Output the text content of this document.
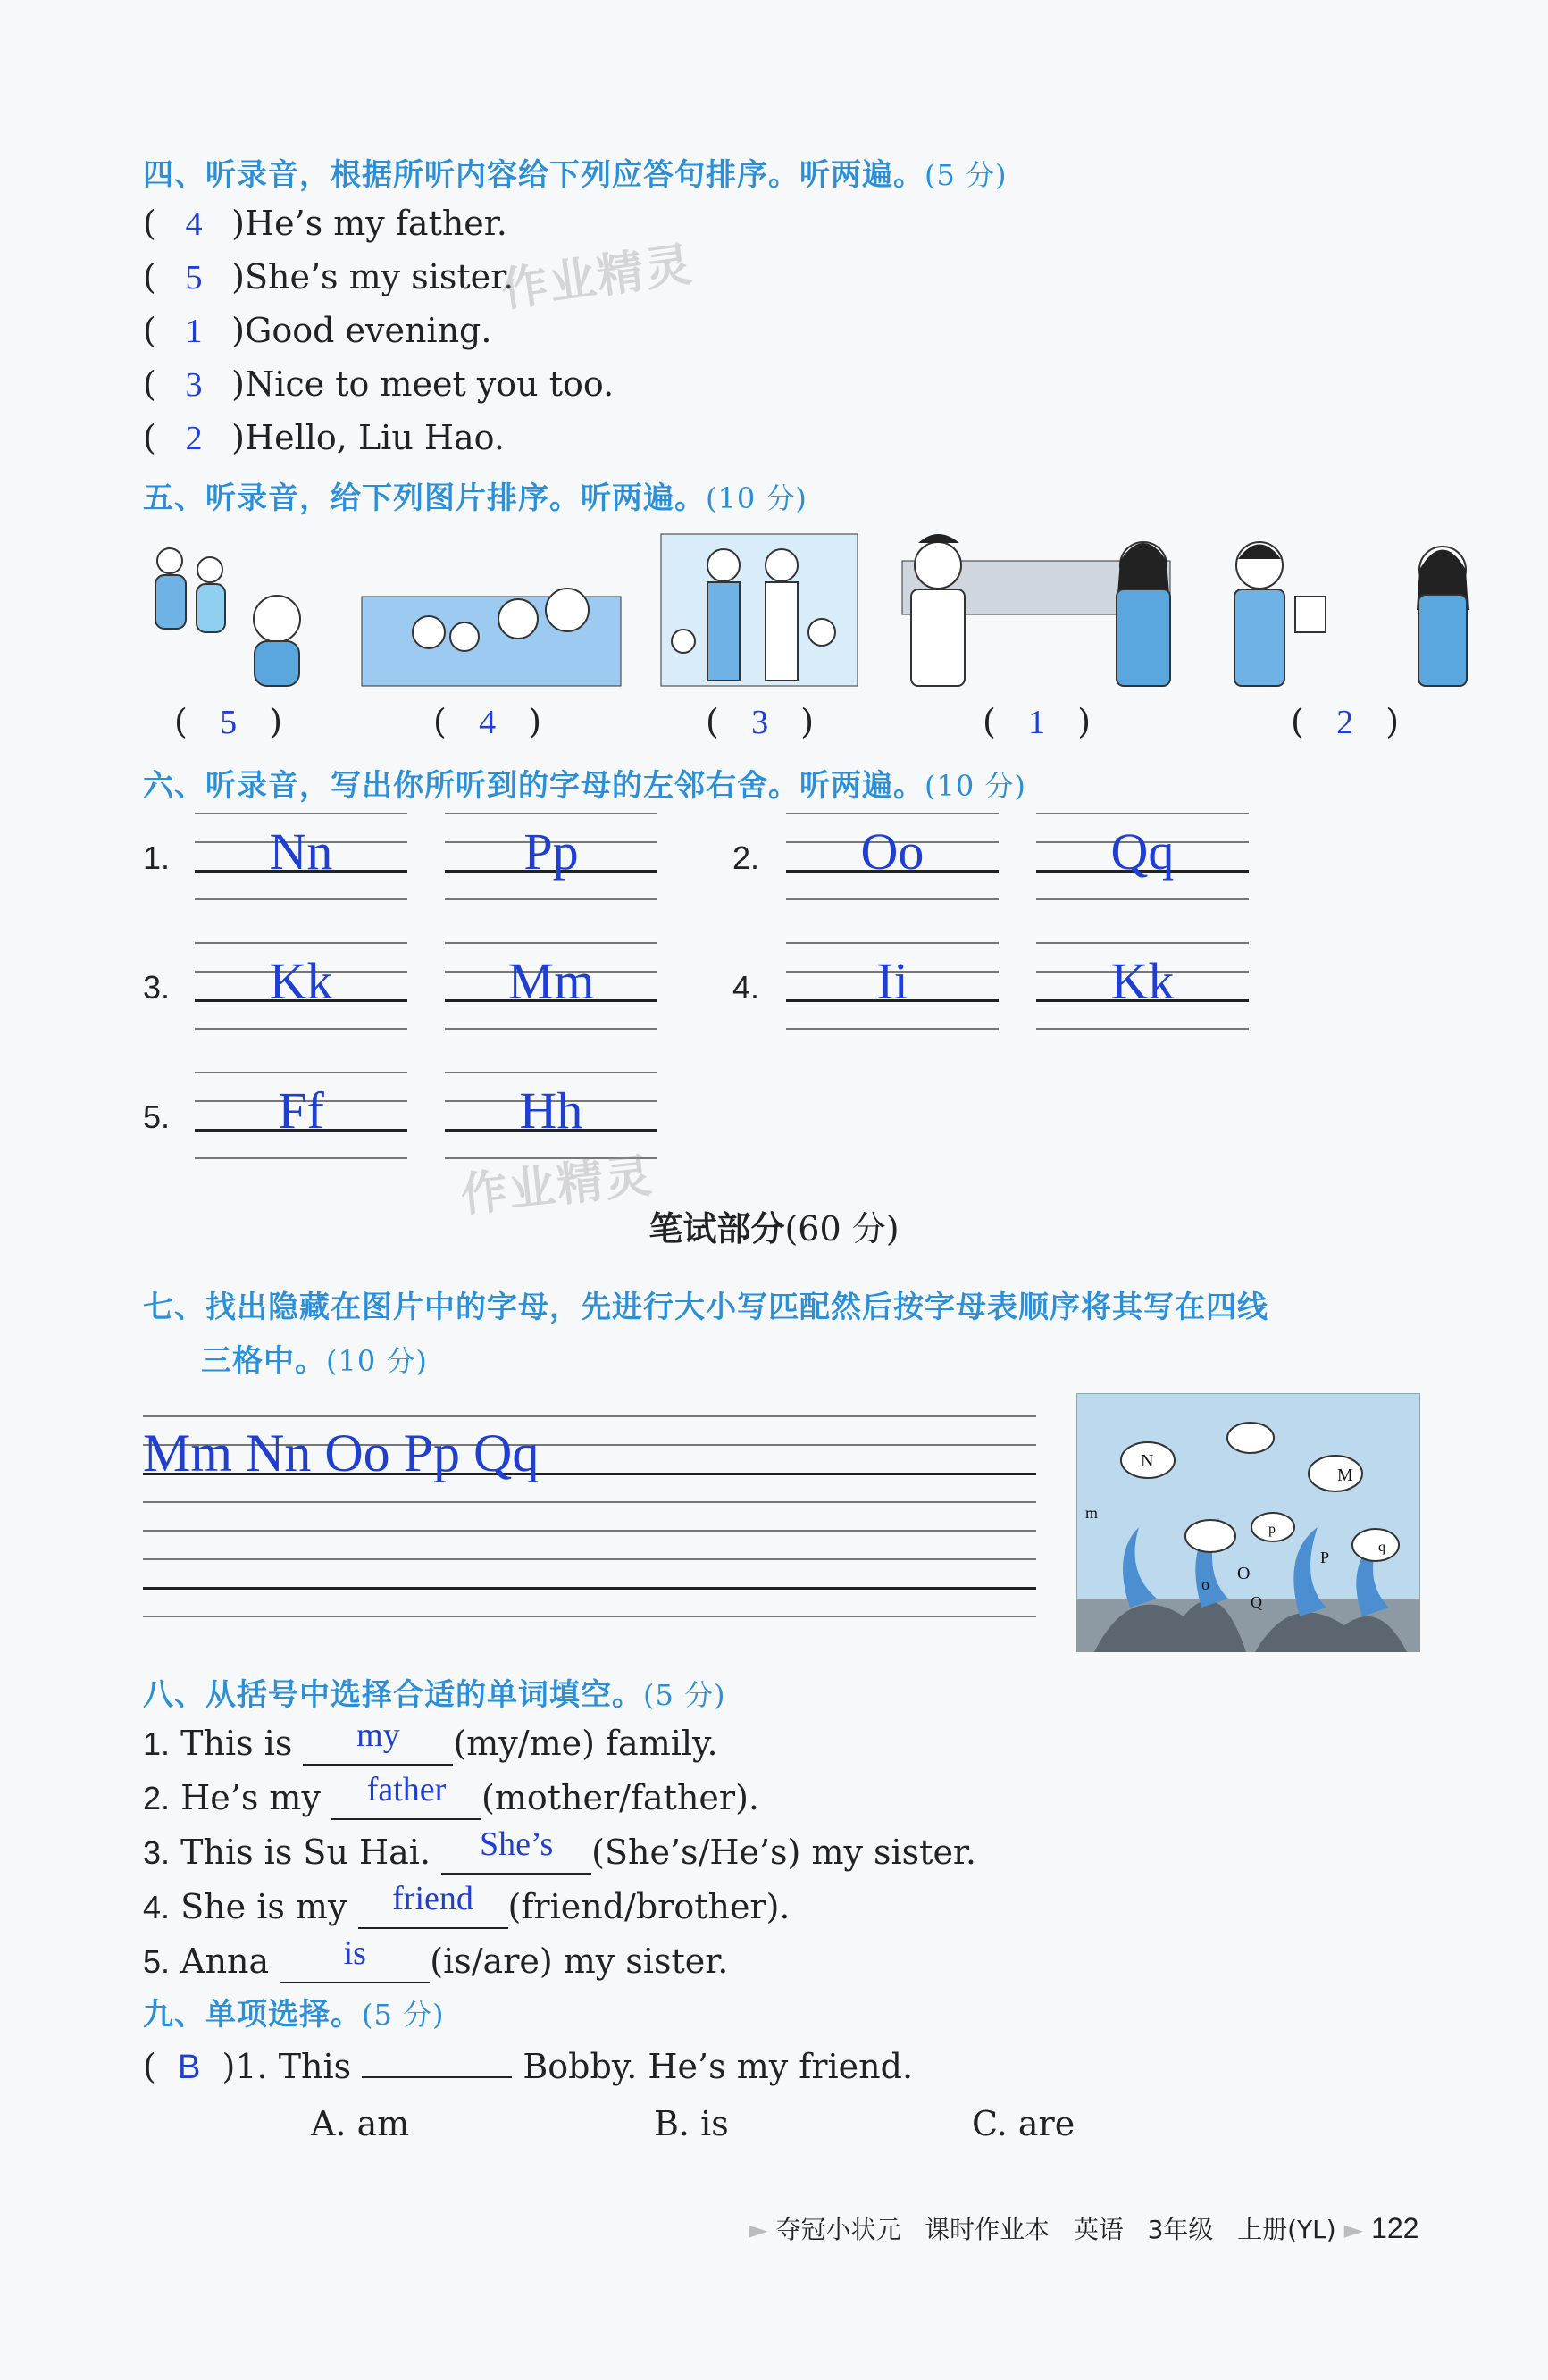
四、听录音，根据所听内容给下列应答句排序。听两遍。(5 分)
(  4 )He’s my father.
(  5 )She’s my sister.
(  1 )Good evening.
(  3 )Nice to meet you too.
(  2 )Hello, Liu Hao.
五、听录音，给下列图片排序。听两遍。(10 分)
(   5   )	(   4   )	(   3   )	(   1   )	(   2   )
六、听录音，写出你所听到的字母的左邻右舍。听两遍。(10 分)
1.	Nn	Pp	2.	Oo	Qq
3.	Kk	Mm	4.	Ii	Kk
5.	Ff	Hh
笔试部分(60 分)
七、找出隐藏在图片中的字母，先进行大小写匹配然后按字母表顺序将其写在四线
三格中。(10 分)
Mm Nn Oo Pp Qq	N
M
m
o
O
p
P
Q
q
八、从括号中选择合适的单词填空。(5 分)
1. This is my (my/me) family.
2. He’s my father (mother/father).
3. This is Su Hai. She’s (She’s/He’s) my sister.
4. She is my friend (friend/brother).
5. Anna is (is/are) my sister.
九、单项选择。(5 分)
(  B )1. This	Bobby. He’s my friend.
A. am	B. is	C. are
► 夺冠小状元 课时作业本 英语 3年级 上册(YL) ► 122
作业精灵
作业精灵
